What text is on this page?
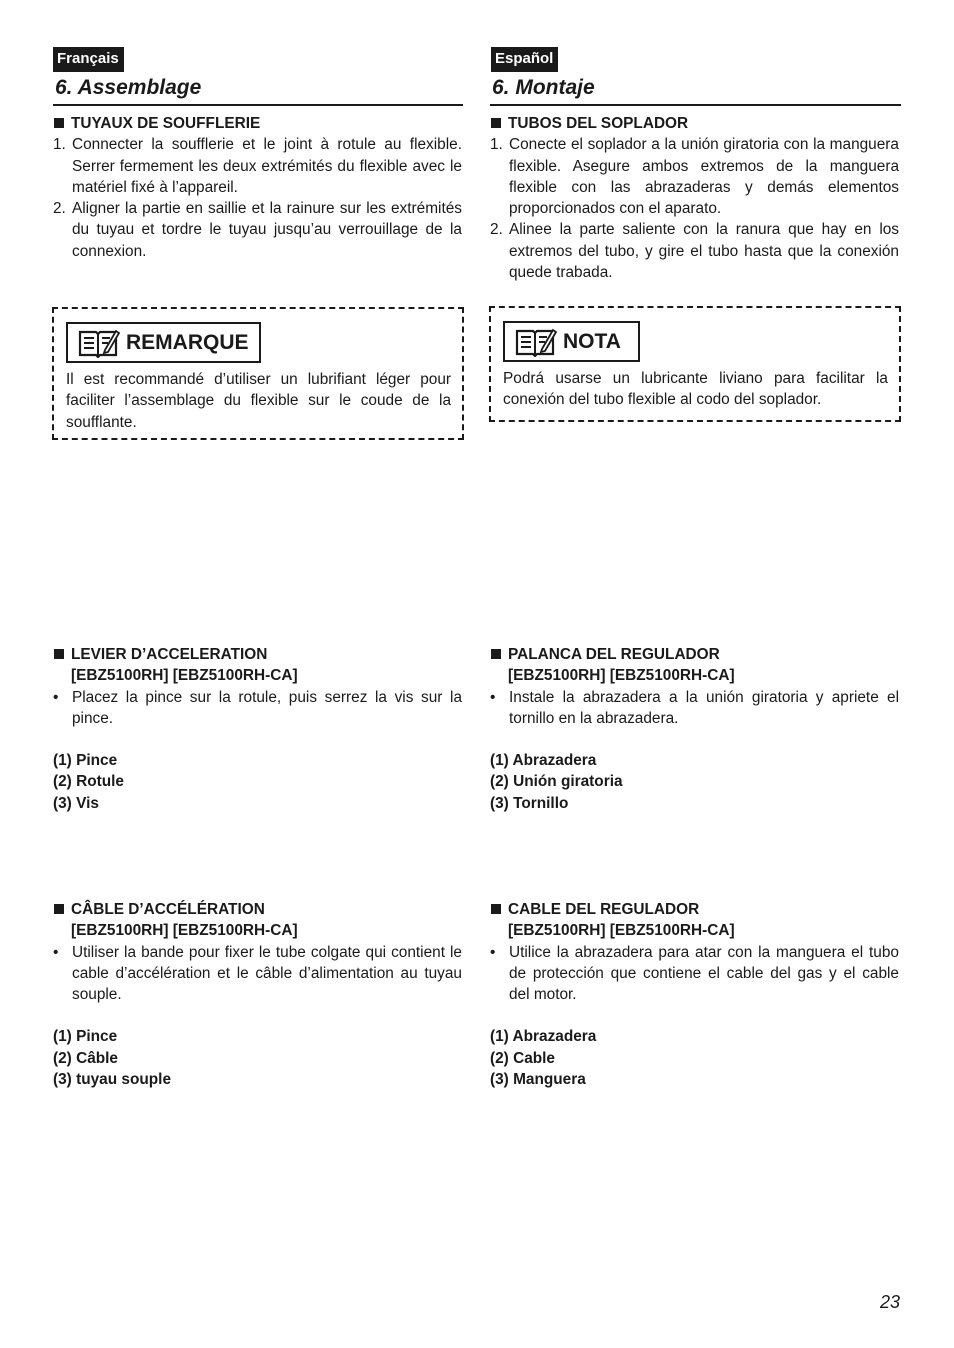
Français
6. Assemblage
TUYAUX DE SOUFFLERIE
1. Connecter la soufflerie et le joint à rotule au flexible. Serrer fermement les deux extrémités du flexible avec le matériel fixé à l’appareil.
2. Aligner la partie en saillie et la rainure sur les extrémités du tuyau et tordre le tuyau jusqu’au verrouillage de la connexion.
REMARQUE
Il est recommandé d’utiliser un lubrifiant léger pour faciliter l’assemblage du flexible sur le coude de la soufflante.
LEVIER D’ACCELERATION
[EBZ5100RH] [EBZ5100RH-CA]
• Placez la pince sur la rotule, puis serrez la vis sur la pince.
(1) Pince
(2) Rotule
(3) Vis
CÂBLE D’ACCÉLÉRATION
[EBZ5100RH] [EBZ5100RH-CA]
• Utiliser la bande pour fixer le tube colgate qui contient le cable d’accélération et le câble d’alimentation au tuyau souple.
(1) Pince
(2) Câble
(3) tuyau souple
Español
6. Montaje
TUBOS DEL SOPLADOR
1. Conecte el soplador a la unión giratoria con la manguera flexible. Asegure ambos extremos de la manguera flexible con las abrazaderas y demás elementos proporcionados con el aparato.
2. Alinee la parte saliente con la ranura que hay en los extremos del tubo, y gire el tubo hasta que la conexión quede trabada.
NOTA
Podrá usarse un lubricante liviano para facilitar la conexión del tubo flexible al codo del soplador.
PALANCA DEL REGULADOR
[EBZ5100RH] [EBZ5100RH-CA]
• Instale la abrazadera a la unión giratoria y apriete el tornillo en la abrazadera.
(1) Abrazadera
(2) Unión giratoria
(3) Tornillo
CABLE DEL REGULADOR
[EBZ5100RH] [EBZ5100RH-CA]
• Utilice la abrazadera para atar con la manguera el tubo de protección que contiene el cable del gas y el cable del motor.
(1) Abrazadera
(2) Cable
(3) Manguera
23
